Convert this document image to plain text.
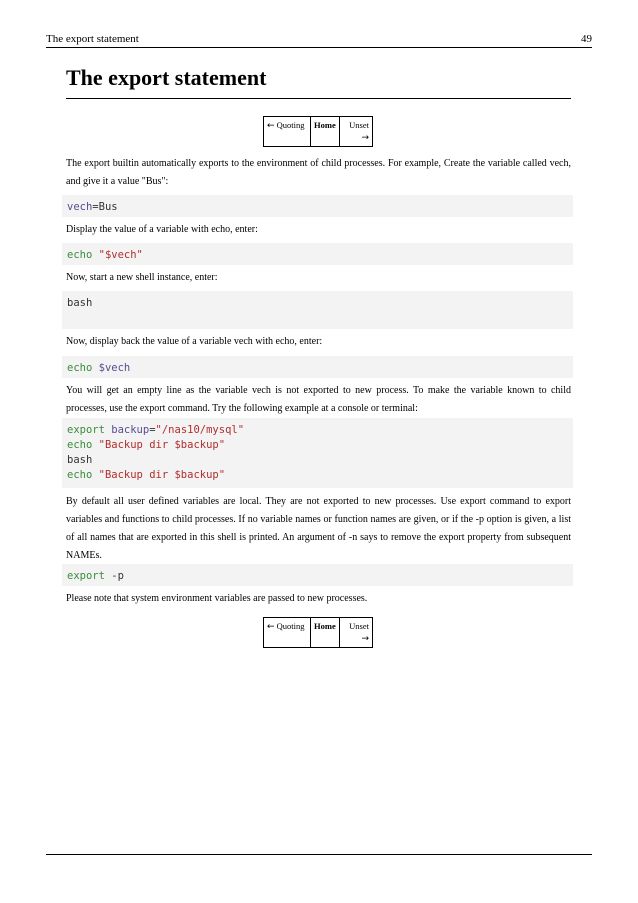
The export statement	49
The export statement
← Quoting	Home	Unset
→

The export builtin automatically exports to the environment of child processes. For example, Create the variable called vech, and give it a value "Bus":

vech=Bus

Display the value of a variable with echo, enter:

echo "$vech"

Now, start a new shell instance, enter:

bash

Now, display back the value of a variable vech with echo, enter:

echo $vech

You will get an empty line as the variable vech is not exported to new process. To make the variable known to child processes, use the export command. Try the following example at a console or terminal:

export backup="/nas10/mysql"
echo "Backup dir $backup"
bash
echo "Backup dir $backup"

By default all user defined variables are local. They are not exported to new processes. Use export command to export variables and functions to child processes. If no variable names or function names are given, or if the -p option is given, a list of all names that are exported in this shell is printed. An argument of -n says to remove the export property from subsequent NAMEs.

export -p

Please note that system environment variables are passed to new processes.

← Quoting	Home	Unset
→
